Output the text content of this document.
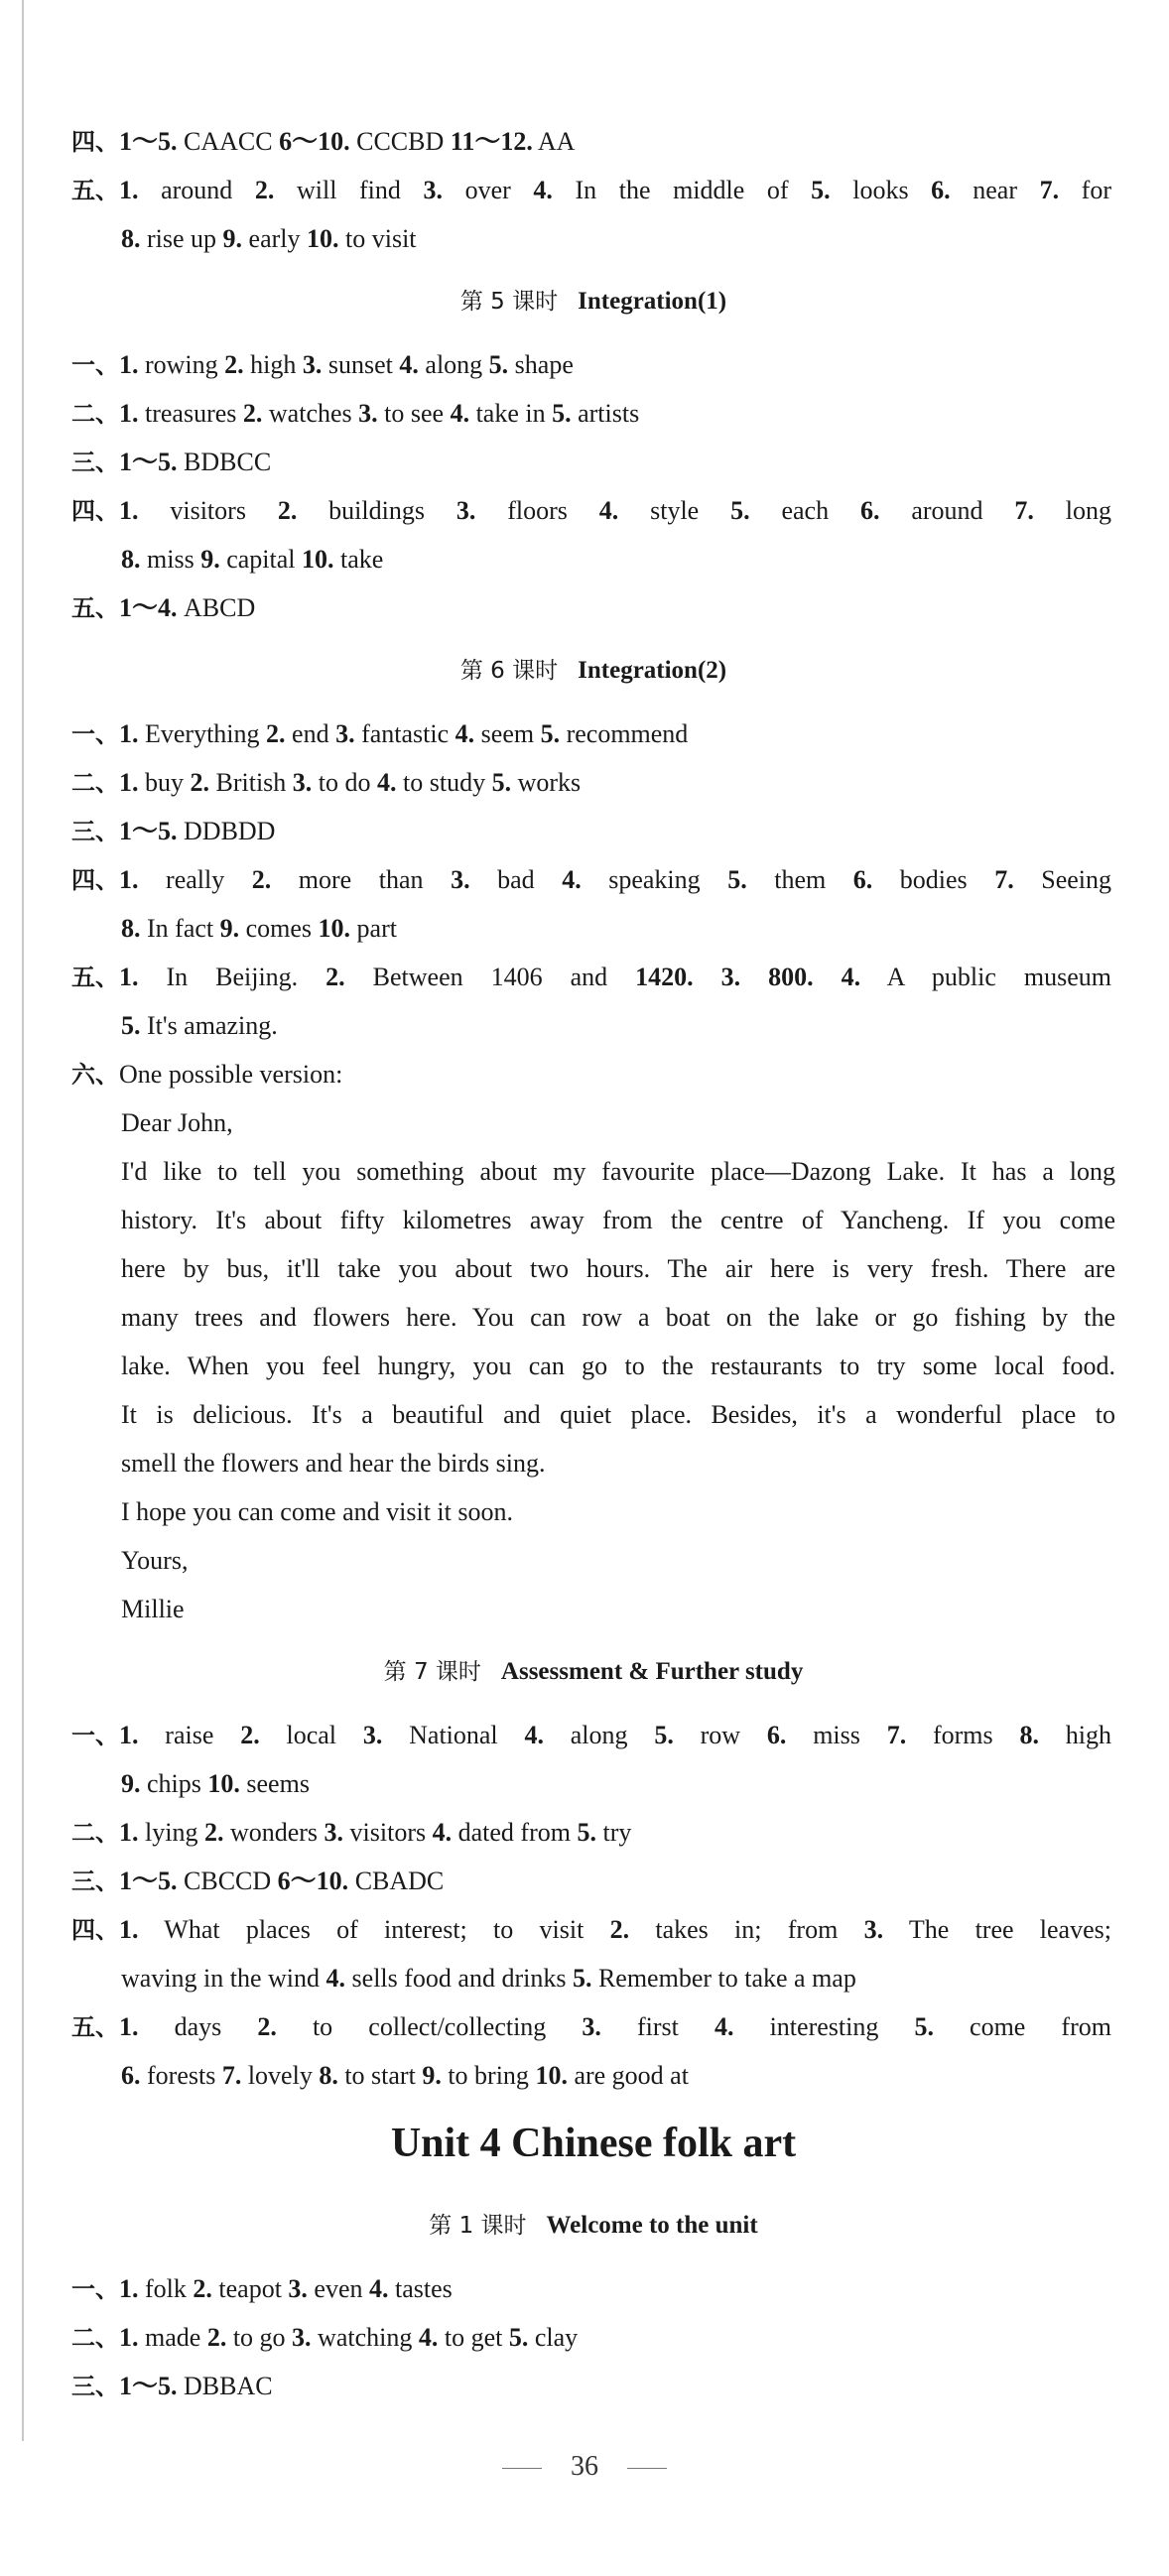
四、1～5. CAACC 6～10. CCCBD 11～12. AA
五、1. around 2. will find 3. over 4. In the middle of 5. looks 6. near 7. for
8. rise up 9. early 10. to visit
第 5 课时 Integration(1)
一、1. rowing 2. high 3. sunset 4. along 5. shape
二、1. treasures 2. watches 3. to see 4. take in 5. artists
三、1～5. BDBCC
四、1. visitors 2. buildings 3. floors 4. style 5. each 6. around 7. long
8. miss 9. capital 10. take
五、1～4. ABCD
第 6 课时 Integration(2)
一、1. Everything 2. end 3. fantastic 4. seem 5. recommend
二、1. buy 2. British 3. to do 4. to study 5. works
三、1～5. DDBDD
四、1. really 2. more than 3. bad 4. speaking 5. them 6. bodies 7. Seeing
8. In fact 9. comes 10. part
五、1. In Beijing. 2. Between 1406 and 1420. 3. 800. 4. A public museum
5. It's amazing.
六、One possible version:
Dear John,
I'd like to tell you something about my favourite place—Dazong Lake. It has a long
history. It's about fifty kilometres away from the centre of Yancheng. If you come
here by bus, it'll take you about two hours. The air here is very fresh. There are
many trees and flowers here. You can row a boat on the lake or go fishing by the
lake. When you feel hungry, you can go to the restaurants to try some local food.
It is delicious. It's a beautiful and quiet place. Besides, it's a wonderful place to
smell the flowers and hear the birds sing.
I hope you can come and visit it soon.
Yours,
Millie
第 7 课时 Assessment & Further study
一、1. raise 2. local 3. National 4. along 5. row 6. miss 7. forms 8. high
9. chips 10. seems
二、1. lying 2. wonders 3. visitors 4. dated from 5. try
三、1～5. CBCCD 6～10. CBADC
四、1. What places of interest; to visit 2. takes in; from 3. The tree leaves;
waving in the wind 4. sells food and drinks 5. Remember to take a map
五、1. days 2. to collect/collecting 3. first 4. interesting 5. come from
6. forests 7. lovely 8. to start 9. to bring 10. are good at
Unit 4 Chinese folk art
第 1 课时 Welcome to the unit
一、1. folk 2. teapot 3. even 4. tastes
二、1. made 2. to go 3. watching 4. to get 5. clay
三、1～5. DBBAC
36
